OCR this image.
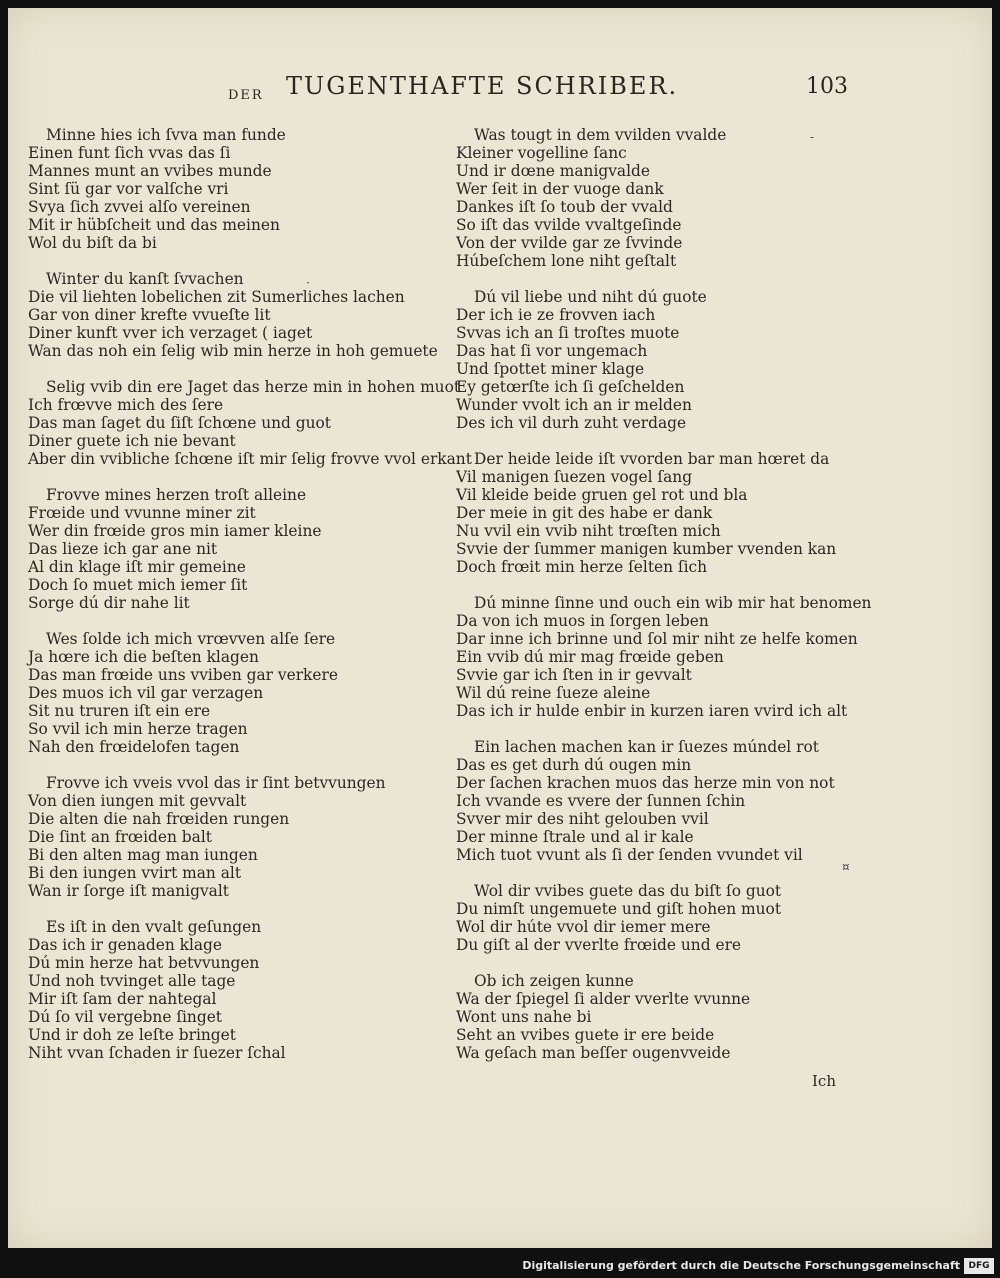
DER TUGENTHAFTE SCHRIBER.	103
Minne hies ich ſvva man funde
Einen funt ſich vvas das ſi
Mannes munt an vvibes munde
Sint ſü gar vor valſche vri
Svya ſich zvvei alſo vereinen
Mit ir hübſcheit und das meinen
Wol du biſt da bi
Winter du kanſt ſvvachen
Die vil liehten lobelichen zit Sumerliches lachen
Gar von diner krefte vvueſte lit
Diner kunft vver ich verzaget ( iaget
Wan das noh ein ſelig wib min herze in hoh gemuete
Selig vvib din ere Jaget das herze min in hohen muot
Ich frœvve mich des ſere
Das man ſaget du ſiſt ſchœne und guot
Diner guete ich nie bevant
Aber din vvibliche ſchœne iſt mir ſelig frovve vvol erkant
Frovve mines herzen troſt alleine
Frœide und vvunne miner zit
Wer din frœide gros min iamer kleine
Das lieze ich gar ane nit
Al din klage iſt mir gemeine
Doch ſo muet mich iemer ſit
Sorge dú dir nahe lit
Wes ſolde ich mich vrœvven alſe ſere
Ja hœre ich die beſten klagen
Das man frœide uns vviben gar verkere
Des muos ich vil gar verzagen
Sit nu truren iſt ein ere
So vvil ich min herze tragen
Nah den frœidelofen tagen
Frovve ich vveis vvol das ir ſint betvvungen
Von dien iungen mit gevvalt
Die alten die nah frœiden rungen
Die ſint an frœiden balt
Bi den alten mag man iungen
Bi den iungen vvirt man alt
Wan ir ſorge iſt manigvalt
Es iſt in den vvalt geſungen
Das ich ir genaden klage
Dú min herze hat betvvungen
Und noh tvvinget alle tage
Mir iſt ſam der nahtegal
Dú ſo vil vergebne ſinget
Und ir doh ze leſte bringet
Niht vvan ſchaden ir ſuezer ſchal
Was tougt in dem vvilden vvalde
Kleiner vogelline ſanc
Und ir dœne manigvalde
Wer ſeit in der vuoge dank
Dankes iſt ſo toub der vvald
So iſt das vvilde vvaltgeſinde
Von der vvilde gar ze ſvvinde
Húbeſchem lone niht geſtalt
Dú vil liebe und niht dú guote
Der ich ie ze frovven iach
Svvas ich an ſi troſtes muote
Das hat ſi vor ungemach
Und ſpottet miner klage
Ey getœrſte ich ſi geſchelden
Wunder vvolt ich an ir melden
Des ich vil durh zuht verdage
Der heide leide iſt vvorden bar man hœret da
Vil manigen ſuezen vogel ſang
Vil kleide beide gruen gel rot und bla
Der meie in git des habe er dank
Nu vvil ein vvib niht trœſten mich
Svvie der ſummer manigen kumber vvenden kan
Doch frœit min herze ſelten ſich
Dú minne ſinne und ouch ein wib mir hat benomen
Da von ich muos in ſorgen leben
Dar inne ich brinne und ſol mir niht ze helfe komen
Ein vvib dú mir mag frœide geben
Svvie gar ich ſten in ir gevvalt
Wil dú reine ſueze aleine
Das ich ir hulde enbir in kurzen iaren vvird ich alt
Ein lachen machen kan ir ſuezes múndel rot
Das es get durh dú ougen min
Der ſachen krachen muos das herze min von not
Ich vvande es vvere der ſunnen ſchin
Svver mir des niht gelouben vvil
Der minne ſtrale und al ir kale
Mich tuot vvunt als ſi der ſenden vvundet vil
Wol dir vvibes guete das du biſt ſo guot
Du nimſt ungemuete und giſt hohen muot
Wol dir húte vvol dir iemer mere
Du giſt al der vverlte frœide und ere
Ob ich zeigen kunne
Wa der ſpiegel ſi alder vverlte vvunne
Wont uns nahe bi
Seht an vvibes guete ir ere beide
Wa geſach man beſſer ougenvveide
·
-
¤
Ich
Digitalisierung gefördert durch die Deutsche Forschungsgemeinschaft DFG
